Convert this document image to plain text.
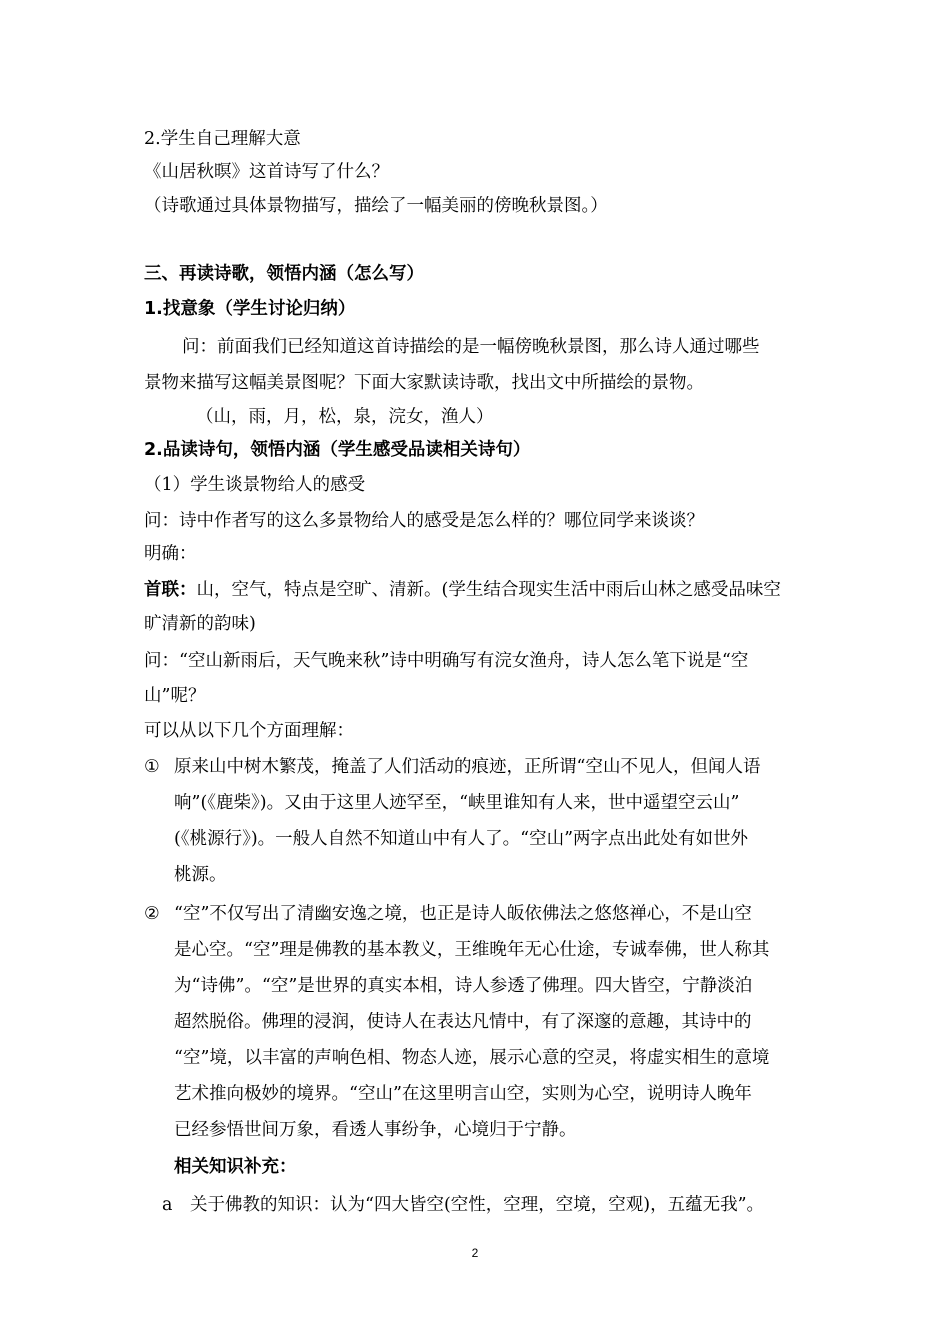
2.学生自己理解大意
《山居秋暝》这首诗写了什么？
（诗歌通过具体景物描写，描绘了一幅美丽的傍晚秋景图。）
三、再读诗歌，领悟内涵（怎么写）
1.找意象（学生讨论归纳）
问：前面我们已经知道这首诗描绘的是一幅傍晚秋景图，那么诗人通过哪些
景物来描写这幅美景图呢？下面大家默读诗歌，找出文中所描绘的景物。
（山，雨，月，松，泉，浣女，渔人）
2.品读诗句，领悟内涵（学生感受品读相关诗句）
（1）学生谈景物给人的感受
问：诗中作者写的这么多景物给人的感受是怎么样的？哪位同学来谈谈？
明确：
首联：山，空气，特点是空旷、清新。(学生结合现实生活中雨后山林之感受品味空
旷清新的韵味)
问：“空山新雨后，天气晚来秋”诗中明确写有浣女渔舟，诗人怎么笔下说是“空
山”呢？
可以从以下几个方面理解：
① 原来山中树木繁茂，掩盖了人们活动的痕迹，正所谓“空山不见人，但闻人语
响”(《鹿柴》)。又由于这里人迹罕至，“峡里谁知有人来，世中遥望空云山”
(《桃源行》)。一般人自然不知道山中有人了。“空山”两字点出此处有如世外
桃源。
② “空”不仅写出了清幽安逸之境，也正是诗人皈依佛法之悠悠禅心，不是山空
是心空。“空”理是佛教的基本教义，王维晚年无心仕途，专诚奉佛，世人称其
为“诗佛”。“空”是世界的真实本相，诗人参透了佛理。四大皆空，宁静淡泊
超然脱俗。佛理的浸润，使诗人在表达凡情中，有了深邃的意趣，其诗中的
“空”境，以丰富的声响色相、物态人迹，展示心意的空灵，将虚实相生的意境
艺术推向极妙的境界。“空山”在这里明言山空，实则为心空，说明诗人晚年
已经参悟世间万象，看透人事纷争，心境归于宁静。
相关知识补充：
a 关于佛教的知识：认为“四大皆空(空性，空理，空境，空观)，五蕴无我”。
2
